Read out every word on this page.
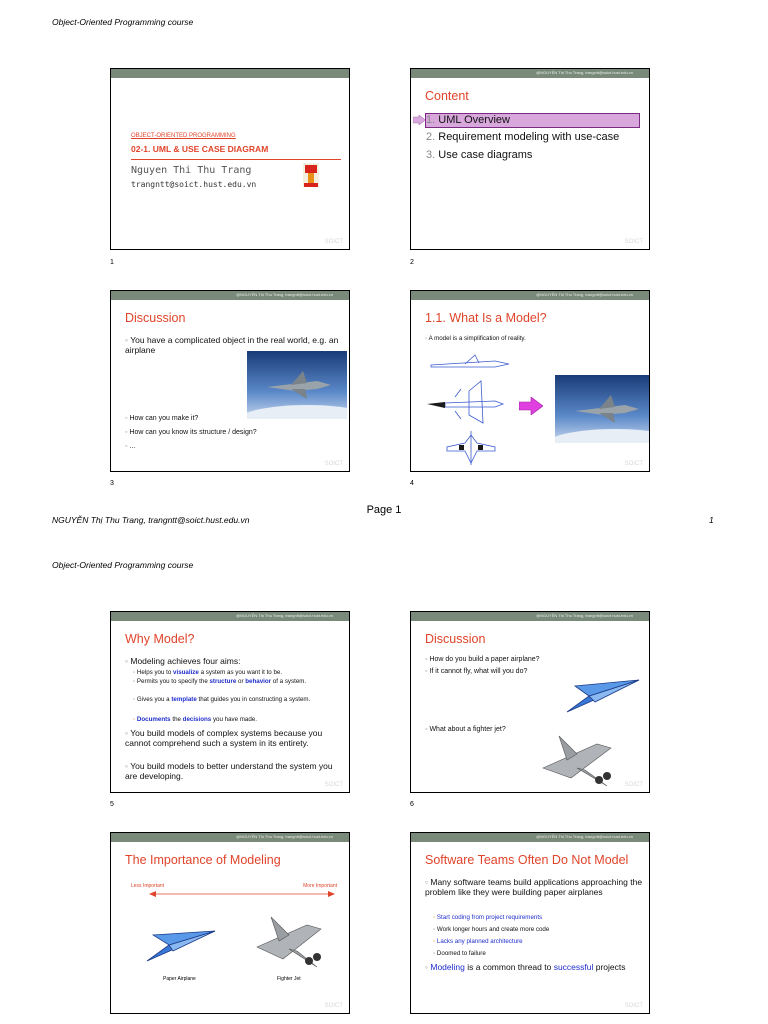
Object-Oriented Programming course
OBJECT-ORIENTED PROGRAMMING
02-1. UML & USE CASE DIAGRAM
Nguyen Thi Thu Trang
trangntt@soict.hust.edu.vn
SOICT
1
@NGUYỄN Thị Thu Trang, trangntt@soict.hust.edu.vn
Content
1. UML Overview
2. Requirement modeling with use-case
3. Use case diagrams
SOICT
2
@NGUYỄN Thị Thu Trang, trangntt@soict.hust.edu.vn
Discussion
◦ You have a complicated object in the real world, e.g. an airplane
◦ How can you make it?
◦ How can you know its structure / design?
◦ ...
SOICT
3
@NGUYỄN Thị Thu Trang, trangntt@soict.hust.edu.vn
1.1. What Is a Model?
◦ A model is a simplification of reality.
SOICT
4
Page 1
NGUYỄN Thị Thu Trang, trangntt@soict.hust.edu.vn	1
Object-Oriented Programming course
@NGUYỄN Thị Thu Trang, trangntt@soict.hust.edu.vn
Why Model?
◦ Modeling achieves four aims:
◦ Helps you to visualize a system as you want it to be.
◦ Permits you to specify the structure or behavior of a system.
◦ Gives you a template that guides you in constructing a system.
◦ Documents the decisions you have made.
◦ You build models of complex systems because you cannot comprehend such a system in its entirety.
◦ You build models to better understand the system you are developing.
SOICT
5
@NGUYỄN Thị Thu Trang, trangntt@soict.hust.edu.vn
Discussion
◦ How do you build a paper airplane?
◦ If it cannot fly, what will you do?
◦ What about a fighter jet?
SOICT
6
@NGUYỄN Thị Thu Trang, trangntt@soict.hust.edu.vn
The Importance of Modeling
Less Important	More Important
Paper Airplane	Fighter Jet
SOICT
@NGUYỄN Thị Thu Trang, trangntt@soict.hust.edu.vn
Software Teams Often Do Not Model
◦ Many software teams build applications approaching the problem like they were building paper airplanes
◦ Start coding from project requirements
◦ Work longer hours and create more code
◦ Lacks any planned architecture
◦ Doomed to failure
◦ Modeling is a common thread to successful projects
SOICT
